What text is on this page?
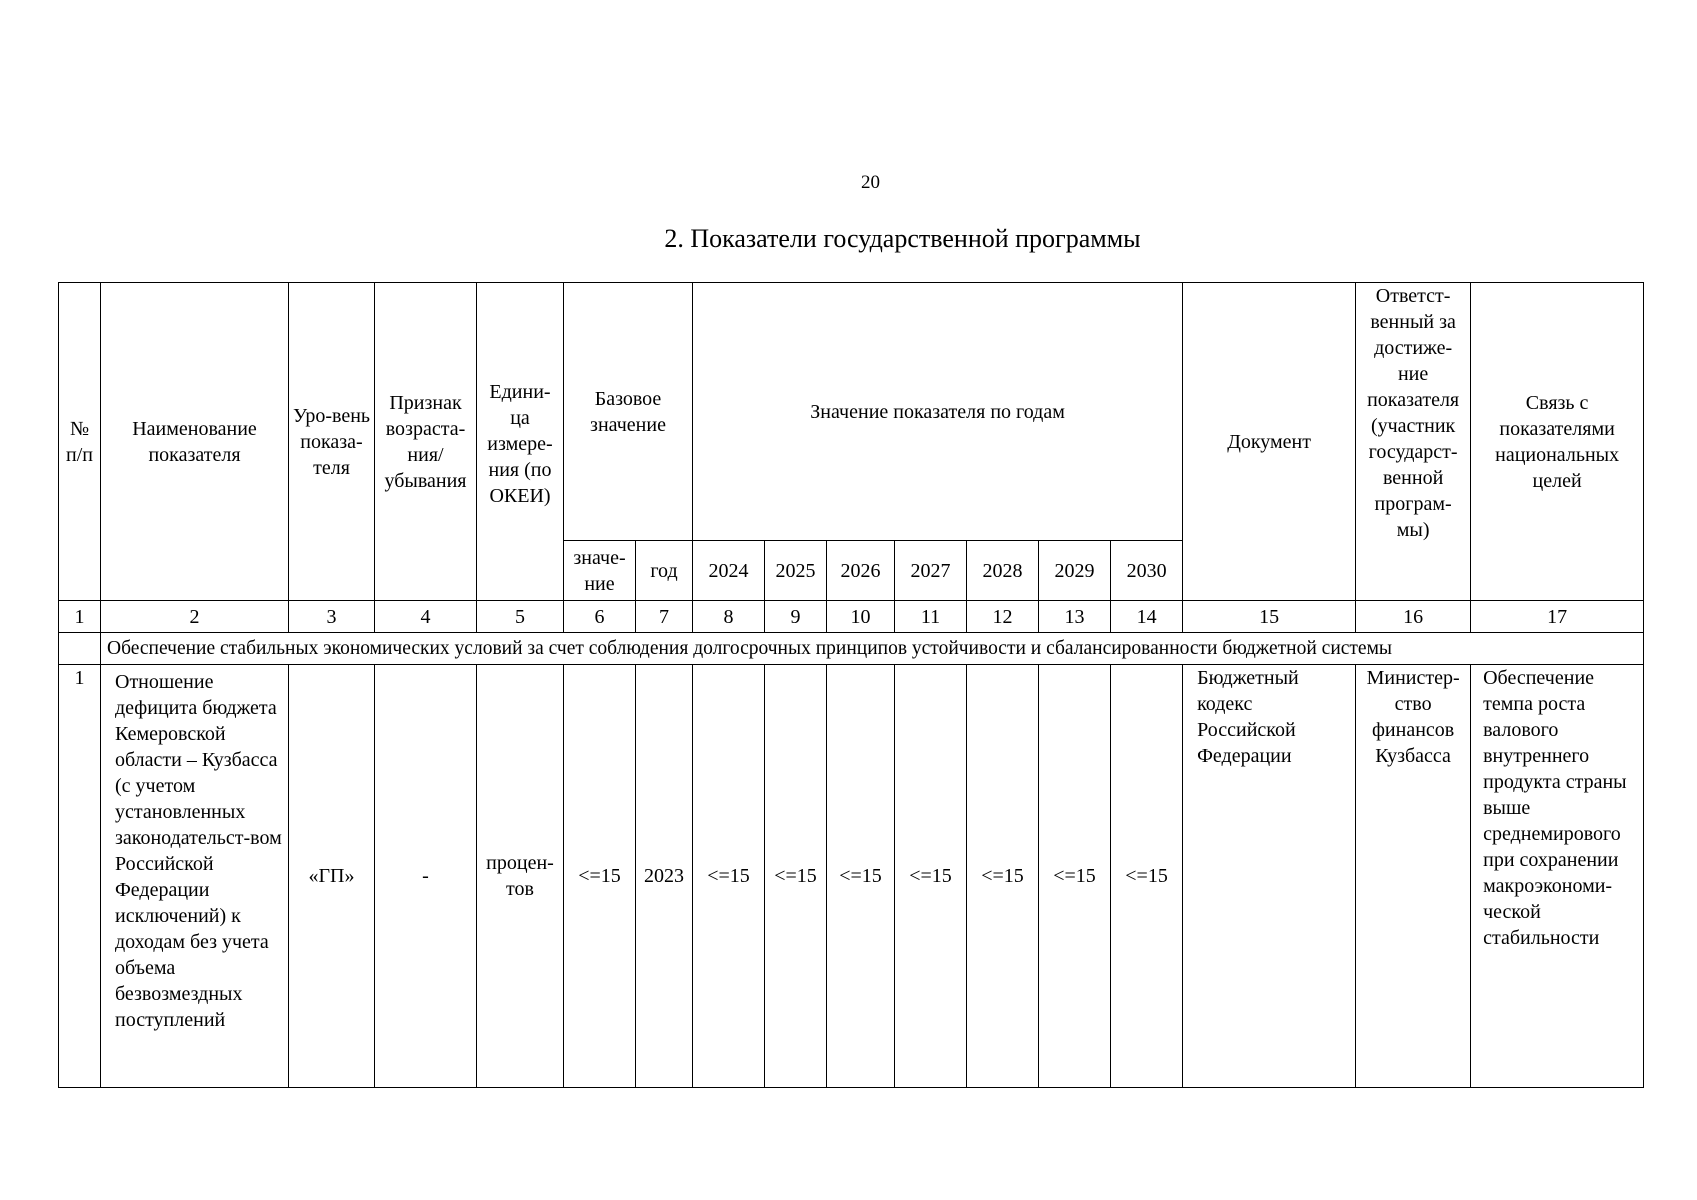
20
2. Показатели государственной программы
№ п/п	Наименование показателя	Уро-вень показа-теля	Признак возраста-ния/ убывания	Едини-ца измере-ния (по ОКЕИ)	Базовое значение		Значение показателя по годам							Документ	Ответст-венный за достиже-ние показателя (участник государст-венной програм-мы)	Связь с показателями национальных целей
					значе-ние	год	2024	2025	2026	2027	2028	2029	2030			
1	2	3	4	5	6	7	8	9	10	11	12	13	14	15	16	17
	Обеспечение стабильных экономических условий за счет соблюдения долгосрочных принципов устойчивости и сбалансированности бюджетной системы															
1	Отношение дефицита бюджета Кемеровской области – Кузбасса (с учетом установленных законодательст-вом Российской Федерации исключений) к доходам без учета объема безвозмездных поступлений	«ГП»	-	процен-тов	<=15	2023	<=15	<=15	<=15	<=15	<=15	<=15	<=15	Бюджетный кодекс Российской Федерации	Министер-ство финансов Кузбасса	Обеспечение темпа роста валового внутреннего продукта страны выше среднемирового при сохранении макроэкономи-ческой стабильности
